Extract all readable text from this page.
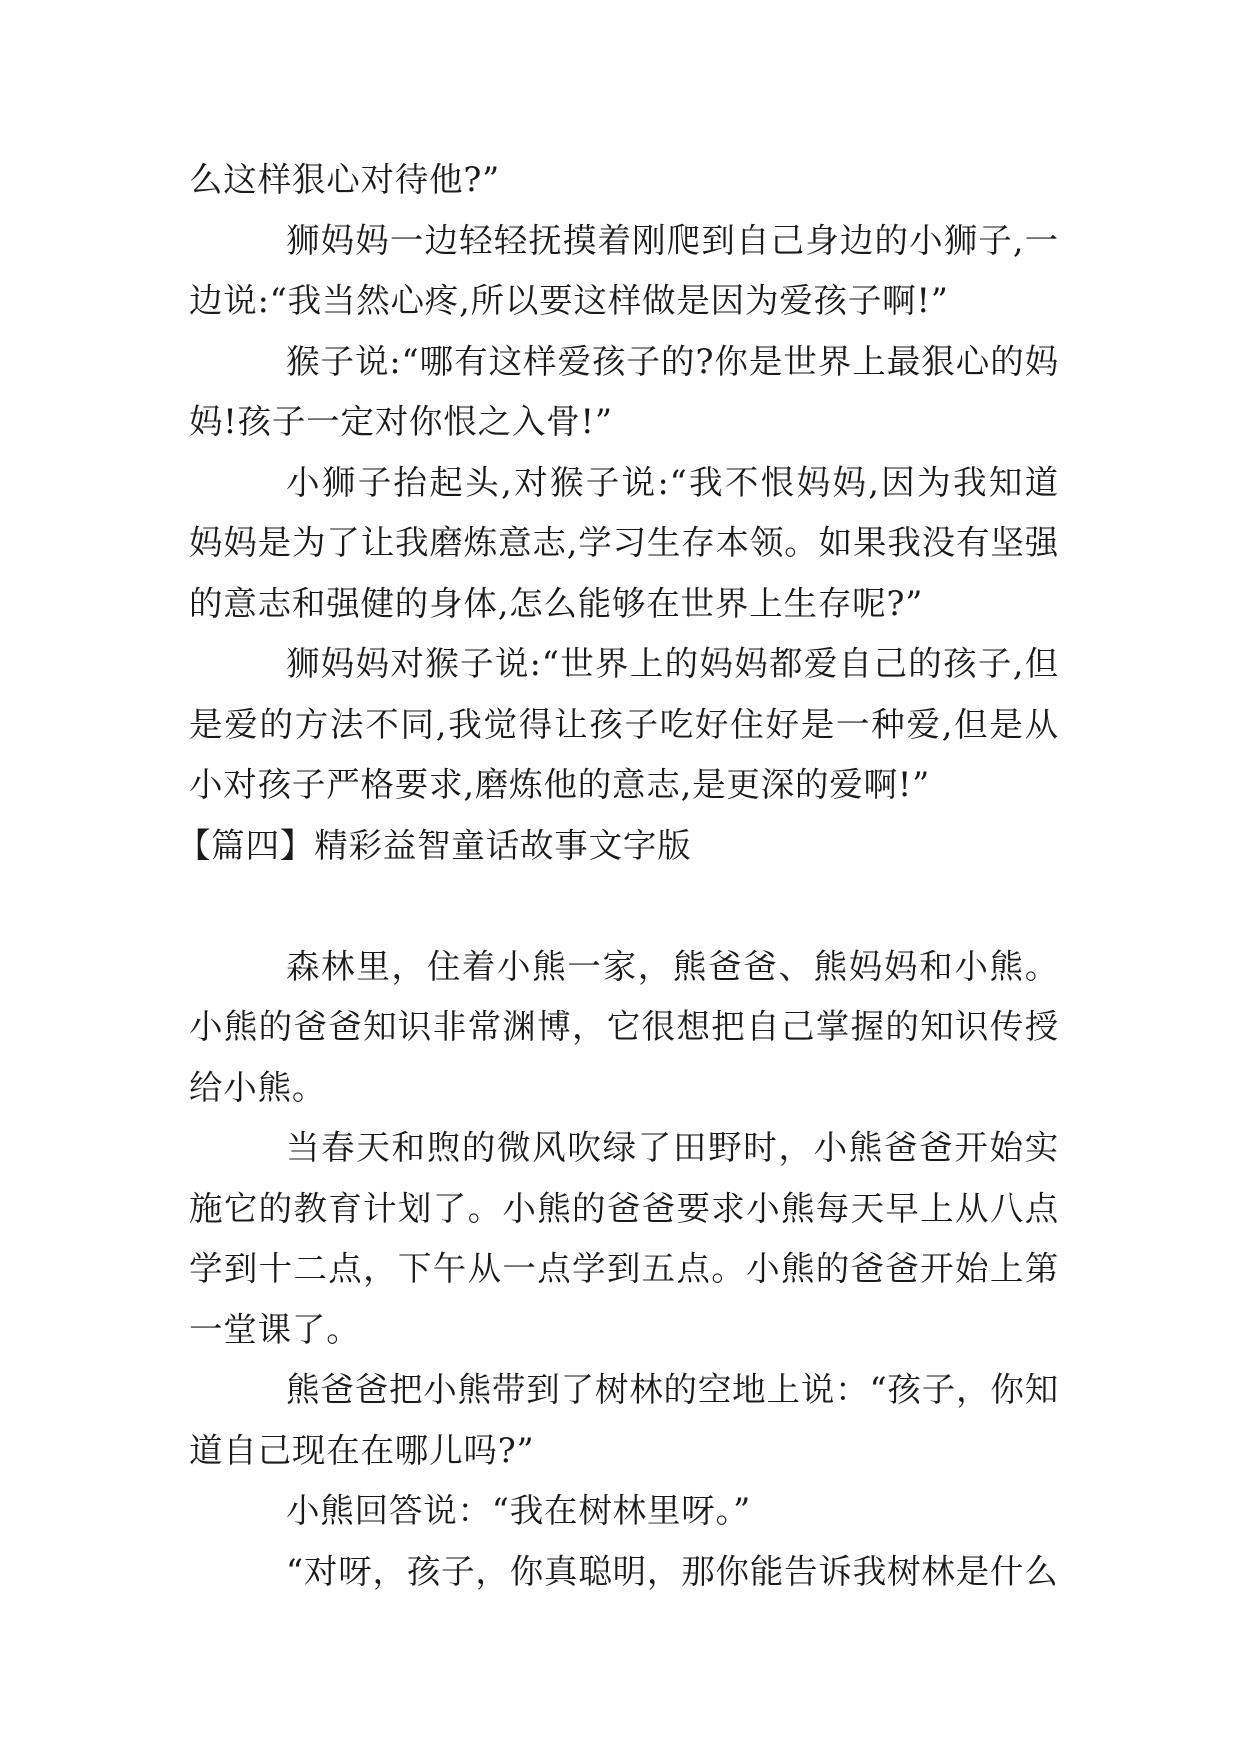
么这样狠心对待他?”

狮妈妈一边轻轻抚摸着刚爬到自己身边的小狮子,一边说:“我当然心疼,所以要这样做是因为爱孩子啊!”

猴子说:“哪有这样爱孩子的?你是世界上最狠心的妈妈!孩子一定对你恨之入骨!”

小狮子抬起头,对猴子说:“我不恨妈妈,因为我知道妈妈是为了让我磨炼意志,学习生存本领。如果我没有坚强的意志和强健的身体,怎么能够在世界上生存呢?”

狮妈妈对猴子说:“世界上的妈妈都爱自己的孩子,但是爱的方法不同,我觉得让孩子吃好住好是一种爱,但是从小对孩子严格要求,磨炼他的意志,是更深的爱啊!”

【篇四】精彩益智童话故事文字版

森林里，住着小熊一家，熊爸爸、熊妈妈和小熊。小熊的爸爸知识非常渊博，它很想把自己掌握的知识传授给小熊。

当春天和煦的微风吹绿了田野时，小熊爸爸开始实施它的教育计划了。小熊的爸爸要求小熊每天早上从八点学到十二点，下午从一点学到五点。小熊的爸爸开始上第一堂课了。

熊爸爸把小熊带到了树林的空地上说：“孩子，你知道自己现在在哪儿吗?”

小熊回答说：“我在树林里呀。”

“对呀，孩子，你真聪明，那你能告诉我树林是什么
